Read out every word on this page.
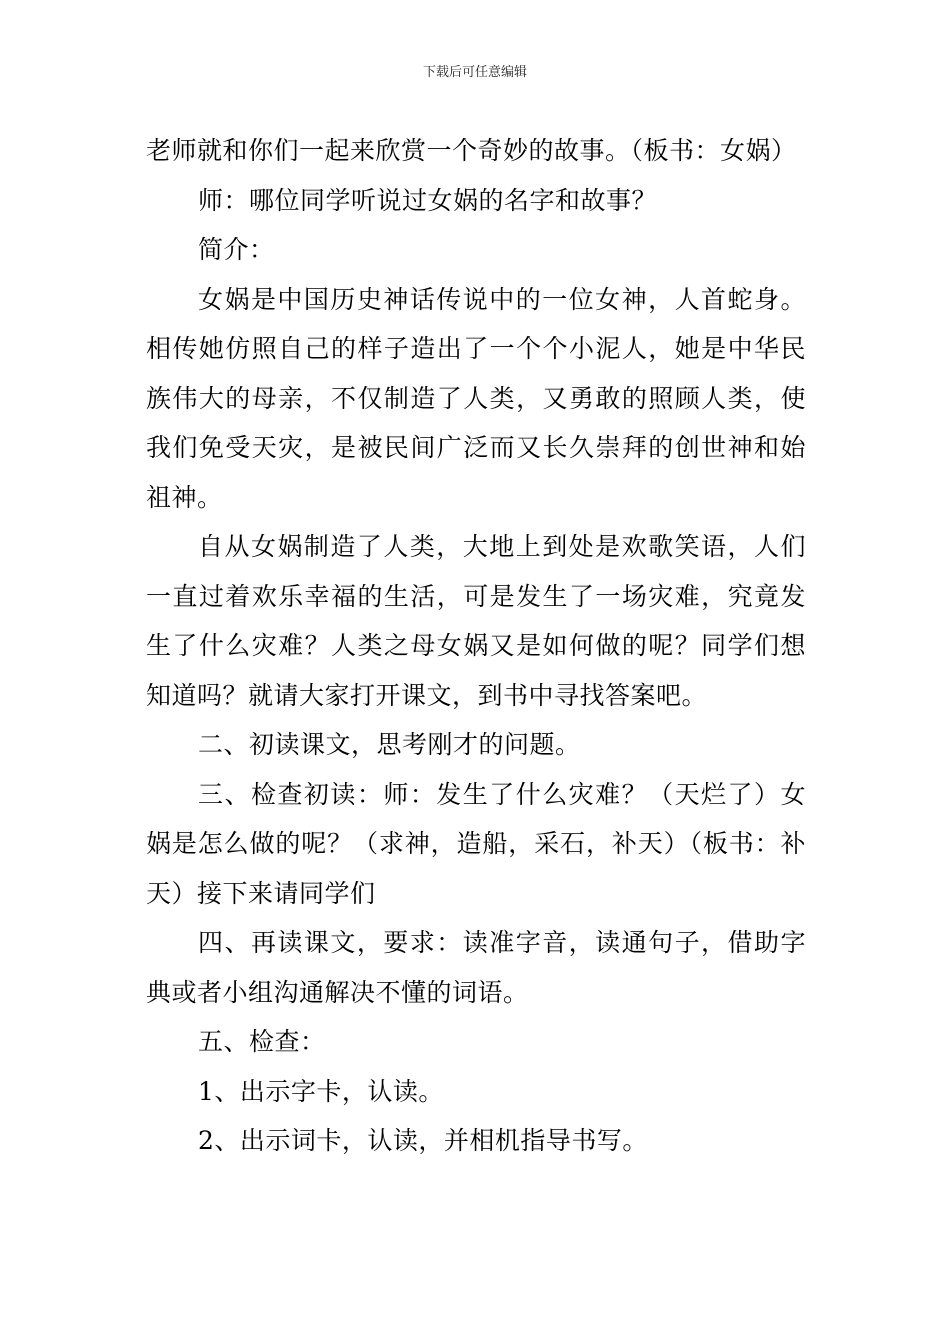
下载后可任意编辑

老师就和你们一起来欣赏一个奇妙的故事。（板书：女娲）

师：哪位同学听说过女娲的名字和故事？

简介：

女娲是中国历史神话传说中的一位女神，人首蛇身。相传她仿照自己的样子造出了一个个小泥人，她是中华民族伟大的母亲，不仅制造了人类，又勇敢的照顾人类，使我们免受天灾，是被民间广泛而又长久崇拜的创世神和始祖神。

自从女娲制造了人类，大地上到处是欢歌笑语，人们一直过着欢乐幸福的生活，可是发生了一场灾难，究竟发生了什么灾难？人类之母女娲又是如何做的呢？同学们想知道吗？就请大家打开课文，到书中寻找答案吧。

二、初读课文，思考刚才的问题。

三、检查初读：师：发生了什么灾难？（天烂了）女娲是怎么做的呢？（求神，造船，采石，补天）（板书：补天）接下来请同学们

四、再读课文，要求：读准字音，读通句子，借助字典或者小组沟通解决不懂的词语。

五、检查：

1、出示字卡，认读。

2、出示词卡，认读，并相机指导书写。
